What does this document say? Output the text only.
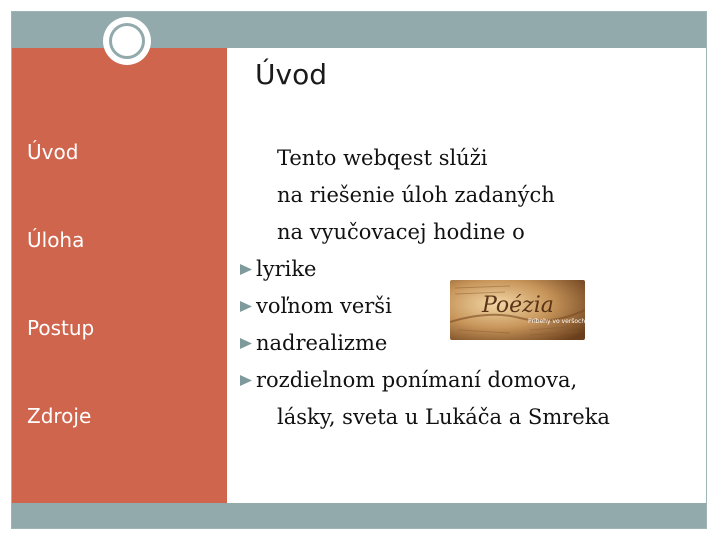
Úvod
Úloha
Postup
Zdroje
Úvod
Tento webqest slúži
na riešenie úloh zadaných
na vyučovacej hodine o
lyrike
voľnom verši
nadrealizme
rozdielnom ponímaní domova,
lásky, sveta u Lukáča a Smreka
Poézia
Príbehy vo veršoch
